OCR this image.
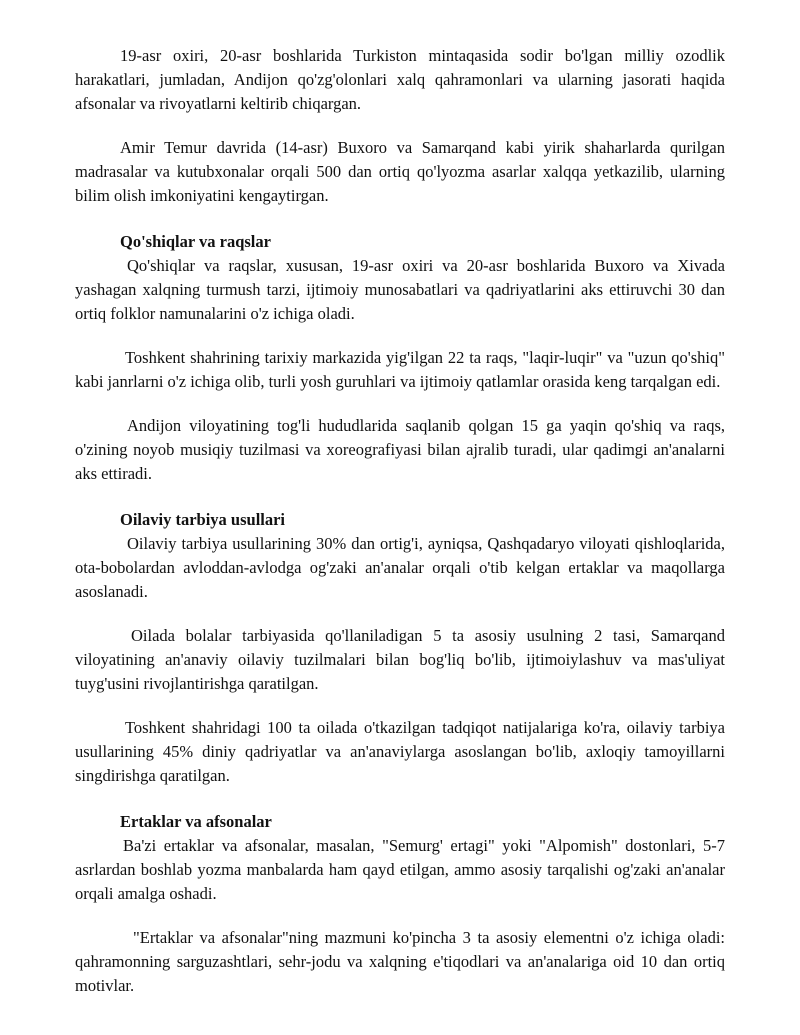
19-asr oxiri, 20-asr boshlarida Turkiston mintaqasida sodir bo'lgan milliy ozodlik harakatlari, jumladan, Andijon qo'zg'olonlari xalq qahramonlari va ularning jasorati haqida afsonalar va rivoyatlarni keltirib chiqargan.

Amir Temur davrida (14-asr) Buxoro va Samarqand kabi yirik shaharlarda qurilgan madrasalar va kutubxonalar orqali 500 dan ortiq qo'lyozma asarlar xalqqa yetkazilib, ularning bilim olish imkoniyatini kengaytirgan.

Qo'shiqlar va raqslar

Qo'shiqlar va raqslar, xususan, 19-asr oxiri va 20-asr boshlarida Buxoro va Xivada yashagan xalqning turmush tarzi, ijtimoiy munosabatlari va qadriyatlarini aks ettiruvchi 30 dan ortiq folklor namunalarini o'z ichiga oladi.

Toshkent shahrining tarixiy markazida yig'ilgan 22 ta raqs, "laqir-luqir" va "uzun qo'shiq" kabi janrlarni o'z ichiga olib, turli yosh guruhlari va ijtimoiy qatlamlar orasida keng tarqalgan edi.

Andijon viloyatining tog'li hududlarida saqlanib qolgan 15 ga yaqin qo'shiq va raqs, o'zining noyob musiqiy tuzilmasi va xoreografiyasi bilan ajralib turadi, ular qadimgi an'analarni aks ettiradi.

Oilaviy tarbiya usullari

Oilaviy tarbiya usullarining 30% dan ortig'i, ayniqsa, Qashqadaryo viloyati qishloqlarida, ota-bobolardan avloddan-avlodga og'zaki an'analar orqali o'tib kelgan ertaklar va maqollarga asoslanadi.

Oilada bolalar tarbiyasida qo'llaniladigan 5 ta asosiy usulning 2 tasi, Samarqand viloyatining an'anaviy oilaviy tuzilmalari bilan bog'liq bo'lib, ijtimoiylashuv va mas'uliyat tuyg'usini rivojlantirishga qaratilgan.

Toshkent shahridagi 100 ta oilada o'tkazilgan tadqiqot natijalariga ko'ra, oilaviy tarbiya usullarining 45% diniy qadriyatlar va an'anaviylarga asoslangan bo'lib, axloqiy tamoyillarni singdirishga qaratilgan.

Ertaklar va afsonalar

Ba'zi ertaklar va afsonalar, masalan, "Semurg' ertagi" yoki "Alpomish" dostonlari, 5-7 asrlardan boshlab yozma manbalarda ham qayd etilgan, ammo asosiy tarqalishi og'zaki an'analar orqali amalga oshadi.

"Ertaklar va afsonalar"ning mazmuni ko'pincha 3 ta asosiy elementni o'z ichiga oladi: qahramonning sarguzashtlari, sehr-jodu va xalqning e'tiqodlari va an'analariga oid 10 dan ortiq motivlar.
